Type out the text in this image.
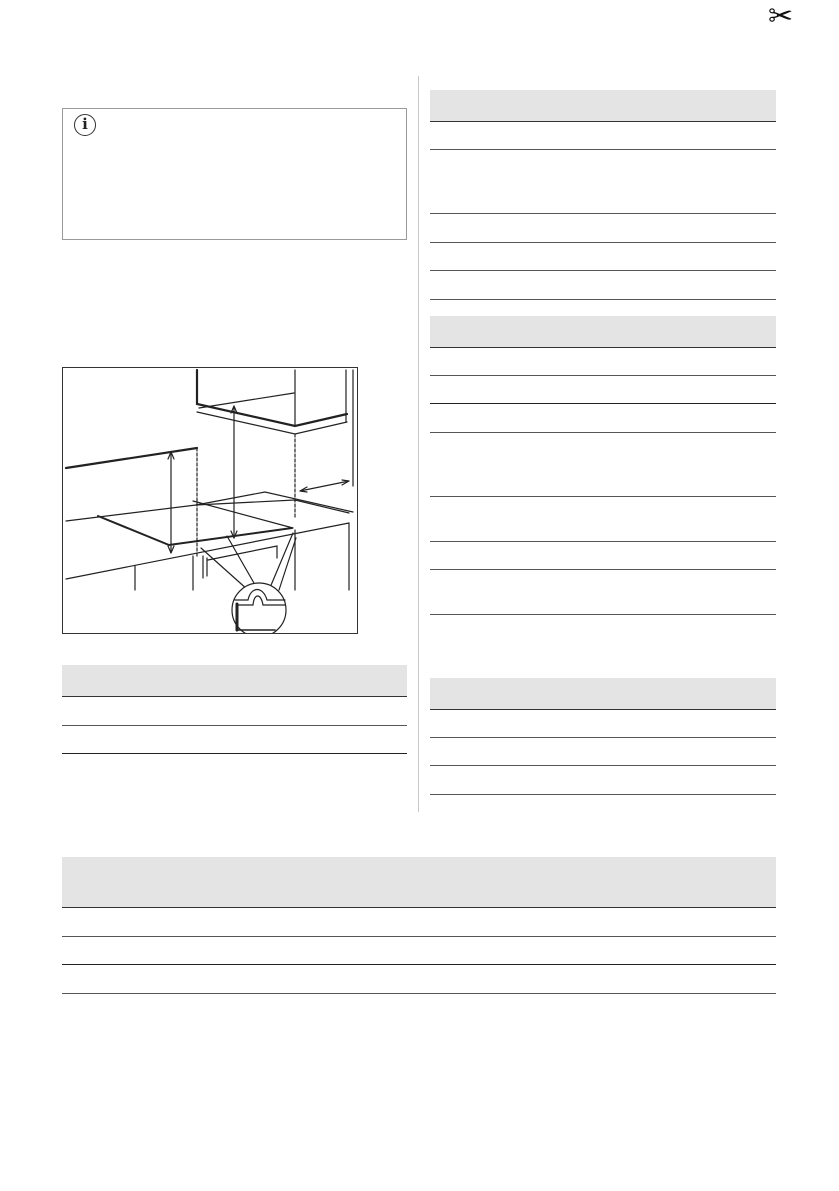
✂
i
